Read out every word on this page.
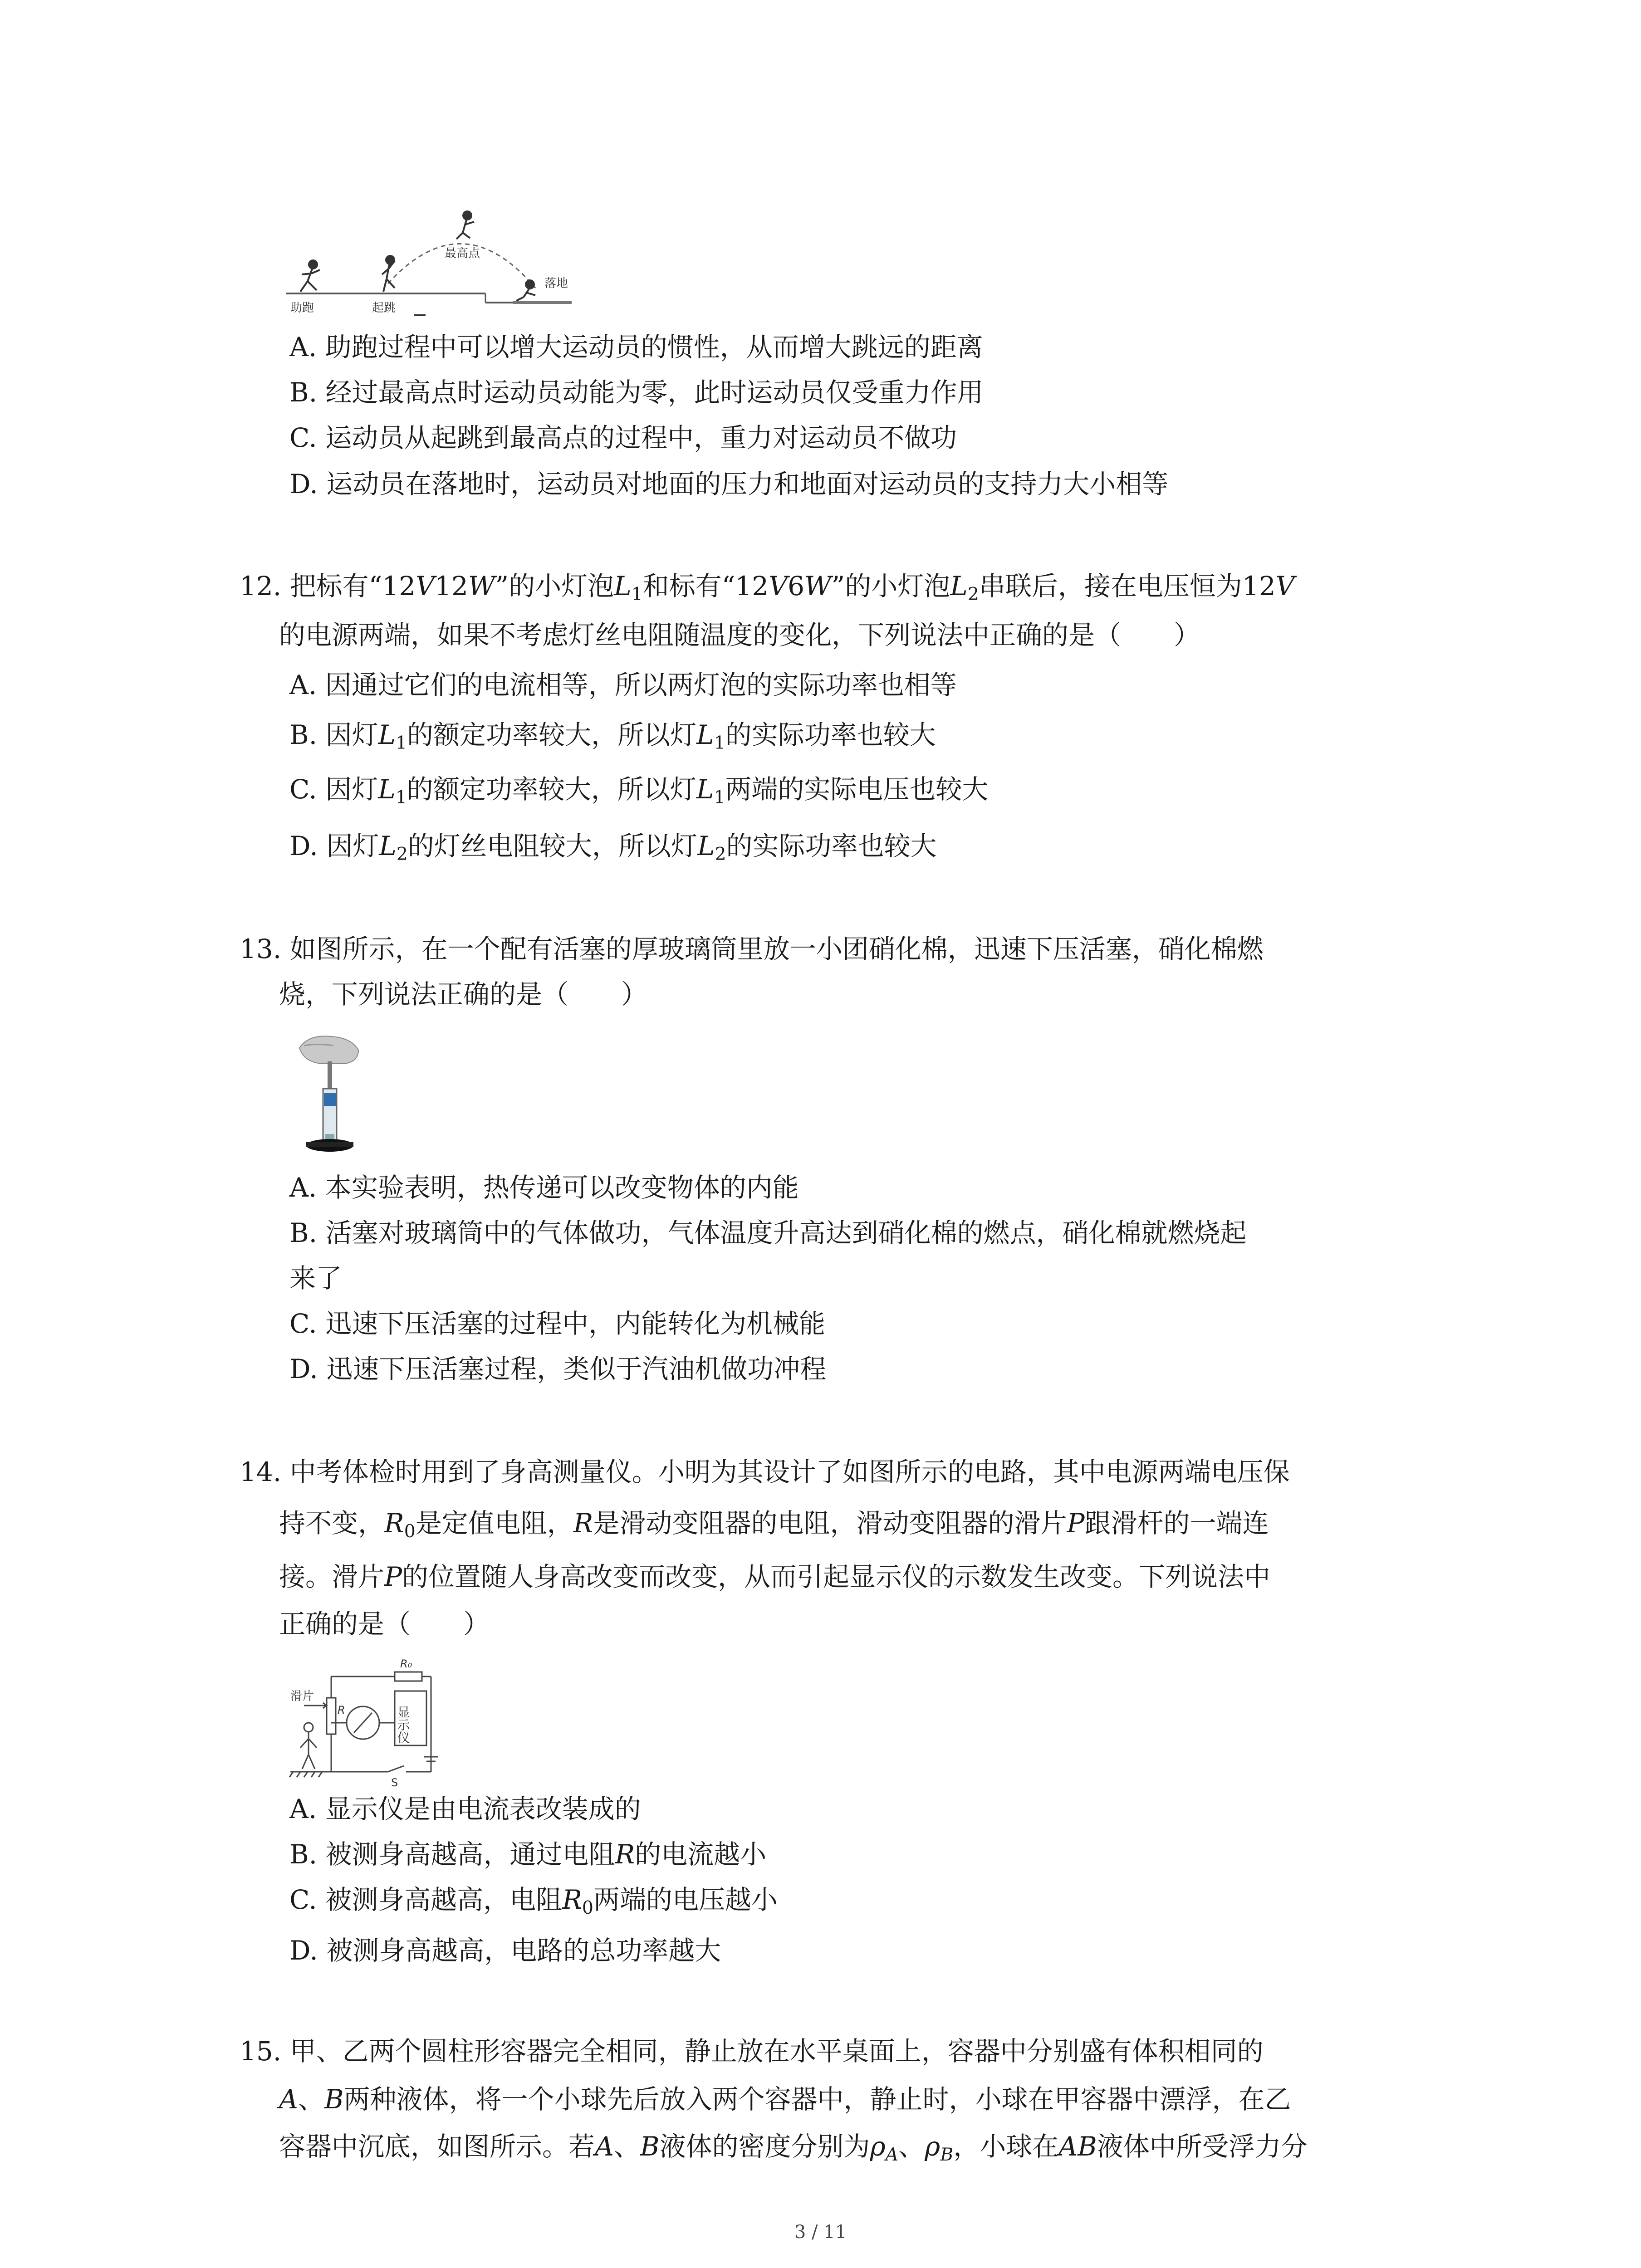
助跑	起跳
最高点
落地
A. 助跑过程中可以增大运动员的惯性，从而增大跳远的距离
B. 经过最高点时运动员动能为零，此时运动员仅受重力作用
C. 运动员从起跳到最高点的过程中，重力对运动员不做功
D. 运动员在落地时，运动员对地面的压力和地面对运动员的支持力大小相等
12. 把标有“12V12W”的小灯泡$L_1$和标有“12V6W”的小灯泡$L_2$串联后，接在电压恒为12V
的电源两端，如果不考虑灯丝电阻随温度的变化，下列说法中正确的是（　　）
A. 因通过它们的电流相等，所以两灯泡的实际功率也相等
B. 因灯$L_1$的额定功率较大，所以灯$L_1$的实际功率也较大
C. 因灯$L_1$的额定功率较大，所以灯$L_1$两端的实际电压也较大
D. 因灯$L_2$的灯丝电阻较大，所以灯$L_2$的实际功率也较大
13. 如图所示，在一个配有活塞的厚玻璃筒里放一小团硝化棉，迅速下压活塞，硝化棉燃
烧，下列说法正确的是（　　）
A. 本实验表明，热传递可以改变物体的内能
B. 活塞对玻璃筒中的气体做功，气体温度升高达到硝化棉的燃点，硝化棉就燃烧起
来了
C. 迅速下压活塞的过程中，内能转化为机械能
D. 迅速下压活塞过程，类似于汽油机做功冲程
14. 中考体检时用到了身高测量仪。小明为其设计了如图所示的电路，其中电源两端电压保
持不变，$R_0$是定值电阻，R是滑动变阻器的电阻，滑动变阻器的滑片P跟滑杆的一端连
接。滑片P的位置随人身高改变而改变，从而引起显示仪的示数发生改变。下列说法中
正确的是（　　）
滑片
R
R₀
显示仪
S
A. 显示仪是由电流表改装成的
B. 被测身高越高，通过电阻R的电流越小
C. 被测身高越高，电阻$R_0$两端的电压越小
D. 被测身高越高，电路的总功率越大
15. 甲、乙两个圆柱形容器完全相同，静止放在水平桌面上，容器中分别盛有体积相同的
A、B两种液体，将一个小球先后放入两个容器中，静止时，小球在甲容器中漂浮，在乙
容器中沉底，如图所示。若A、B液体的密度分别为$\rho_A$、$\rho_B$，小球在AB液体中所受浮力分
3 / 11
